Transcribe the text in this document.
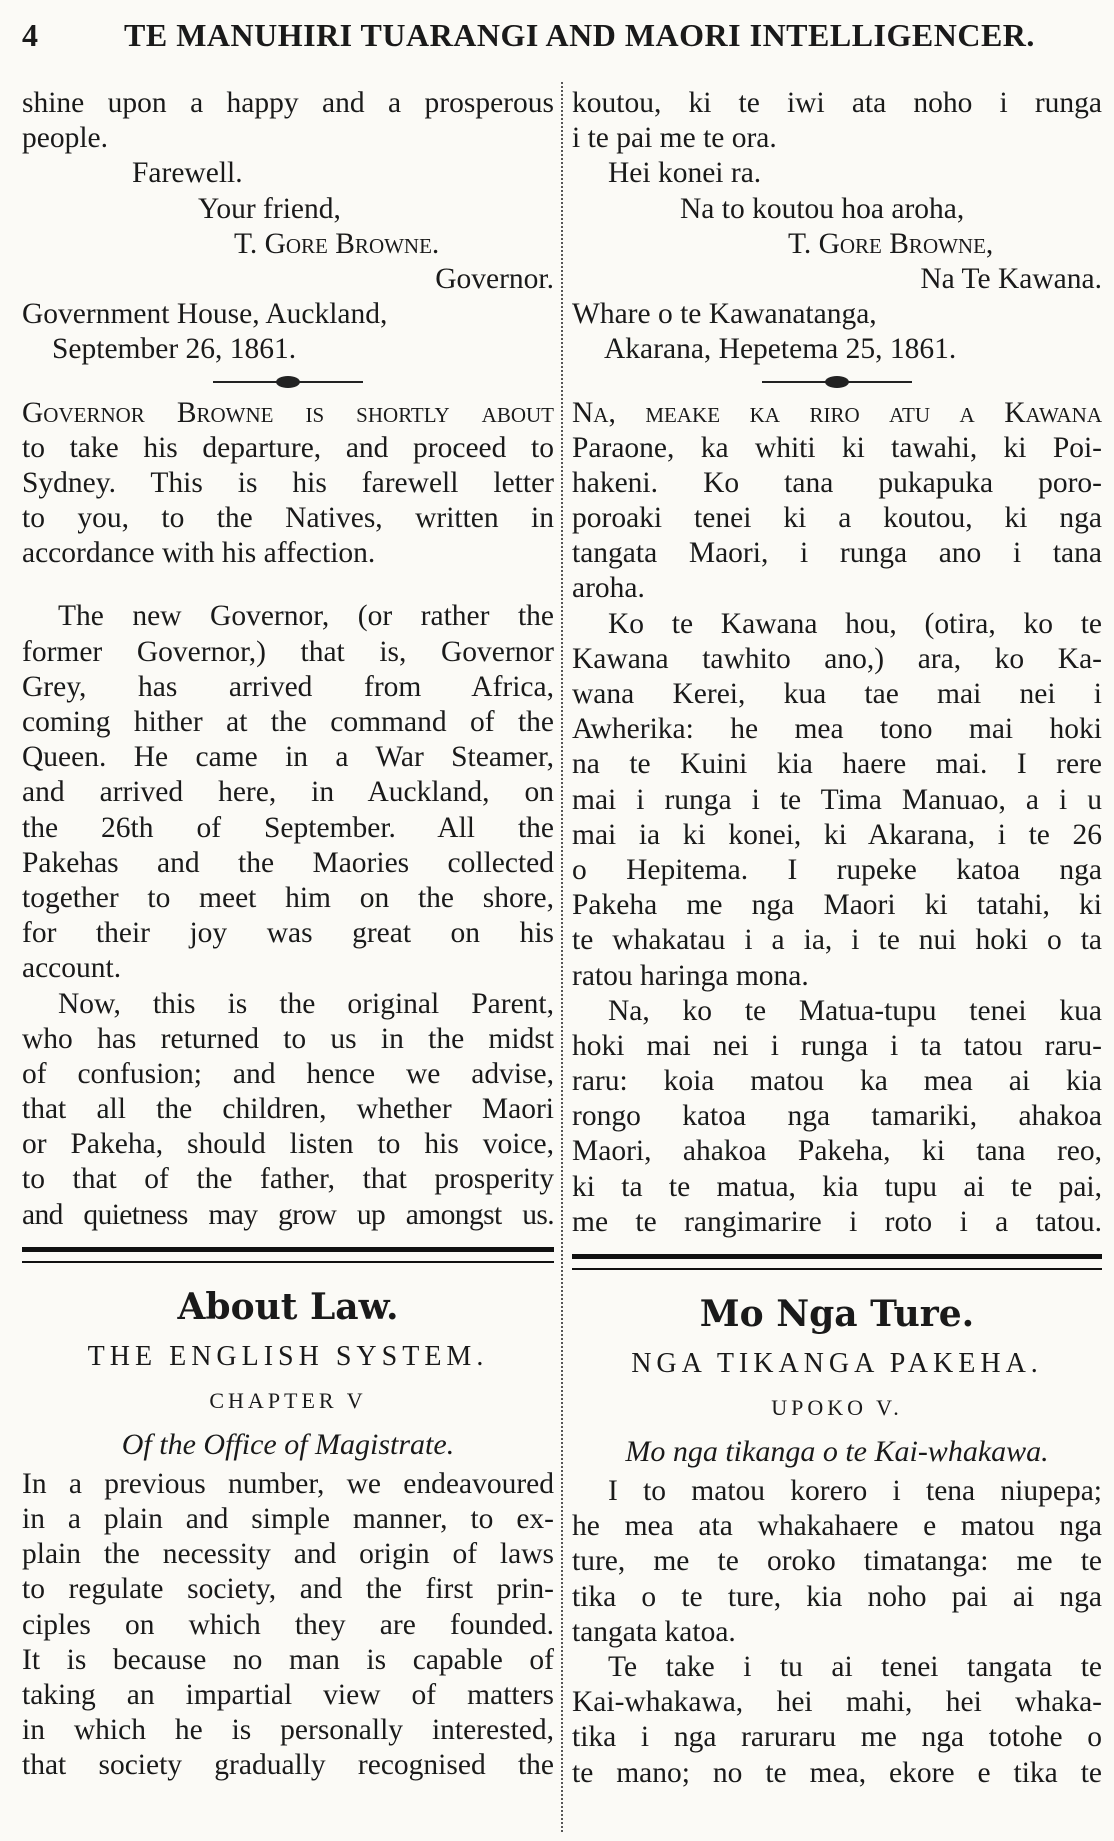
4	TE MANUHIRI TUARANGI AND MAORI INTELLIGENCER.
shine upon a happy and a prosperous
people.
Farewell.
Your friend,
T. Gore Browne.
Governor.
Government House, Auckland,
September 26, 1861.
Governor Browne is shortly about
to take his departure, and proceed to
Sydney. This is his farewell letter
to you, to the Natives, written in
accordance with his affection.
The new Governor, (or rather the
former Governor,) that is, Governor
Grey, has arrived from Africa,
coming hither at the command of the
Queen. He came in a War Steamer,
and arrived here, in Auckland, on
the 26th of September. All the
Pakehas and the Maories collected
together to meet him on the shore,
for their joy was great on his
account.
Now, this is the original Parent,
who has returned to us in the midst
of confusion; and hence we advise,
that all the children, whether Maori
or Pakeha, should listen to his voice,
to that of the father, that prosperity
and quietness may grow up amongst us.
About Law.
THE ENGLISH SYSTEM.
CHAPTER V
Of the Office of Magistrate.
In a previous number, we endeavoured
in a plain and simple manner, to ex-
plain the necessity and origin of laws
to regulate society, and the first prin-
ciples on which they are founded.
It is because no man is capable of
taking an impartial view of matters
in which he is personally interested,
that society gradually recognised the
koutou, ki te iwi ata noho i runga
i te pai me te ora.
Hei konei ra.
Na to koutou hoa aroha,
T. Gore Browne,
Na Te Kawana.
Whare o te Kawanatanga,
Akarana, Hepetema 25, 1861.
Na, meake ka riro atu a Kawana
Paraone, ka whiti ki tawahi, ki Poi-
hakeni. Ko tana pukapuka poro-
poroaki tenei ki a koutou, ki nga
tangata Maori, i runga ano i tana
aroha.
Ko te Kawana hou, (otira, ko te
Kawana tawhito ano,) ara, ko Ka-
wana Kerei, kua tae mai nei i
Awherika: he mea tono mai hoki
na te Kuini kia haere mai. I rere
mai i runga i te Tima Manuao, a i u
mai ia ki konei, ki Akarana, i te 26
o Hepitema. I rupeke katoa nga
Pakeha me nga Maori ki tatahi, ki
te whakatau i a ia, i te nui hoki o ta
ratou haringa mona.
Na, ko te Matua-tupu tenei kua
hoki mai nei i runga i ta tatou raru-
raru: koia matou ka mea ai kia
rongo katoa nga tamariki, ahakoa
Maori, ahakoa Pakeha, ki tana reo,
ki ta te matua, kia tupu ai te pai,
me te rangimarire i roto i a tatou.
Mo Nga Ture.
NGA TIKANGA PAKEHA.
UPOKO V.
Mo nga tikanga o te Kai-whakawa.
I to matou korero i tena niupepa;
he mea ata whakahaere e matou nga
ture, me te oroko timatanga: me te
tika o te ture, kia noho pai ai nga
tangata katoa.
Te take i tu ai tenei tangata te
Kai-whakawa, hei mahi, hei whaka-
tika i nga raruraru me nga totohe o
te mano; no te mea, ekore e tika te
